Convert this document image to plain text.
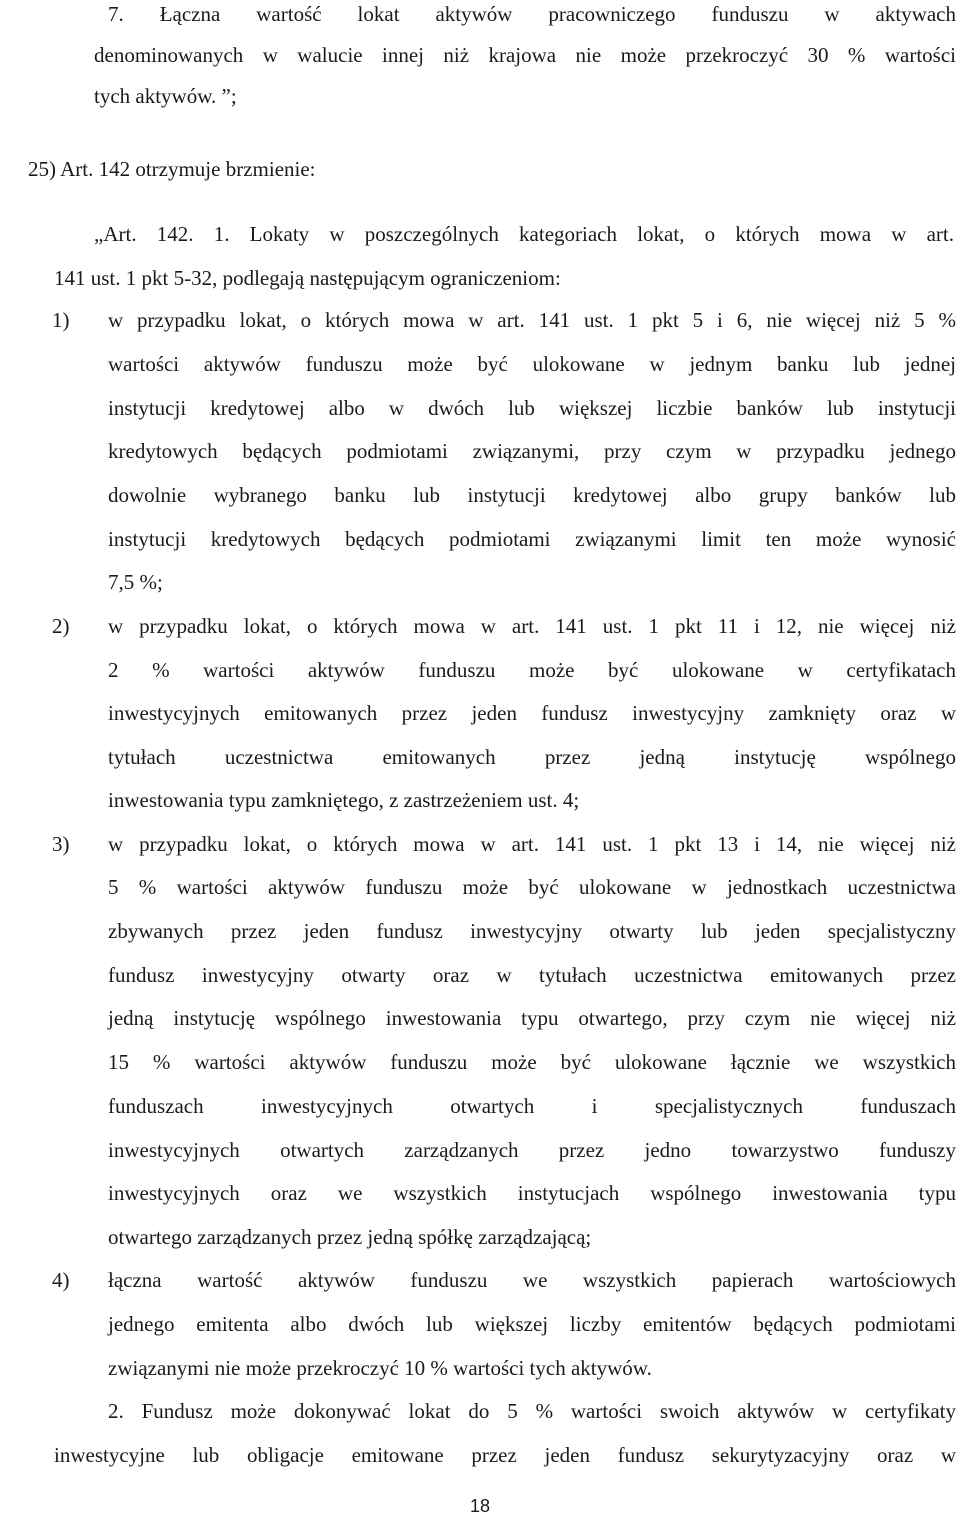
7. Łączna wartość lokat aktywów pracowniczego funduszu w aktywach
denominowanych w walucie innej niż krajowa nie może przekroczyć 30 % wartości
tych aktywów. ”;
25) Art. 142 otrzymuje brzmienie:
„Art. 142. 1. Lokaty w poszczególnych kategoriach lokat, o których mowa w art.
141 ust. 1 pkt 5-32, podlegają następującym ograniczeniom:
1) w przypadku lokat, o których mowa w art. 141 ust. 1 pkt 5 i 6, nie więcej niż 5 %
wartości aktywów funduszu może być ulokowane w jednym banku lub jednej
instytucji kredytowej albo w dwóch lub większej liczbie banków lub instytucji
kredytowych będących podmiotami związanymi, przy czym w przypadku jednego
dowolnie wybranego banku lub instytucji kredytowej albo grupy banków lub
instytucji kredytowych będących podmiotami związanymi limit ten może wynosić
7,5 %;
2) w przypadku lokat, o których mowa w art. 141 ust. 1 pkt 11 i 12, nie więcej niż
2 % wartości aktywów funduszu może być ulokowane w certyfikatach
inwestycyjnych emitowanych przez jeden fundusz inwestycyjny zamknięty oraz w
tytułach uczestnictwa emitowanych przez jedną instytucję wspólnego
inwestowania typu zamkniętego, z zastrzeżeniem ust. 4;
3) w przypadku lokat, o których mowa w art. 141 ust. 1 pkt 13 i 14, nie więcej niż
5 % wartości aktywów funduszu może być ulokowane w jednostkach uczestnictwa
zbywanych przez jeden fundusz inwestycyjny otwarty lub jeden specjalistyczny
fundusz inwestycyjny otwarty oraz w tytułach uczestnictwa emitowanych przez
jedną instytucję wspólnego inwestowania typu otwartego, przy czym nie więcej niż
15 % wartości aktywów funduszu może być ulokowane łącznie we wszystkich
funduszach inwestycyjnych otwartych i specjalistycznych funduszach
inwestycyjnych otwartych zarządzanych przez jedno towarzystwo funduszy
inwestycyjnych oraz we wszystkich instytucjach wspólnego inwestowania typu
otwartego zarządzanych przez jedną spółkę zarządzającą;
4) łączna wartość aktywów funduszu we wszystkich papierach wartościowych
jednego emitenta albo dwóch lub większej liczby emitentów będących podmiotami
związanymi nie może przekroczyć 10 % wartości tych aktywów.
2. Fundusz może dokonywać lokat do 5 % wartości swoich aktywów w certyfikaty
inwestycyjne lub obligacje emitowane przez jeden fundusz sekurytyzacyjny oraz w
18
